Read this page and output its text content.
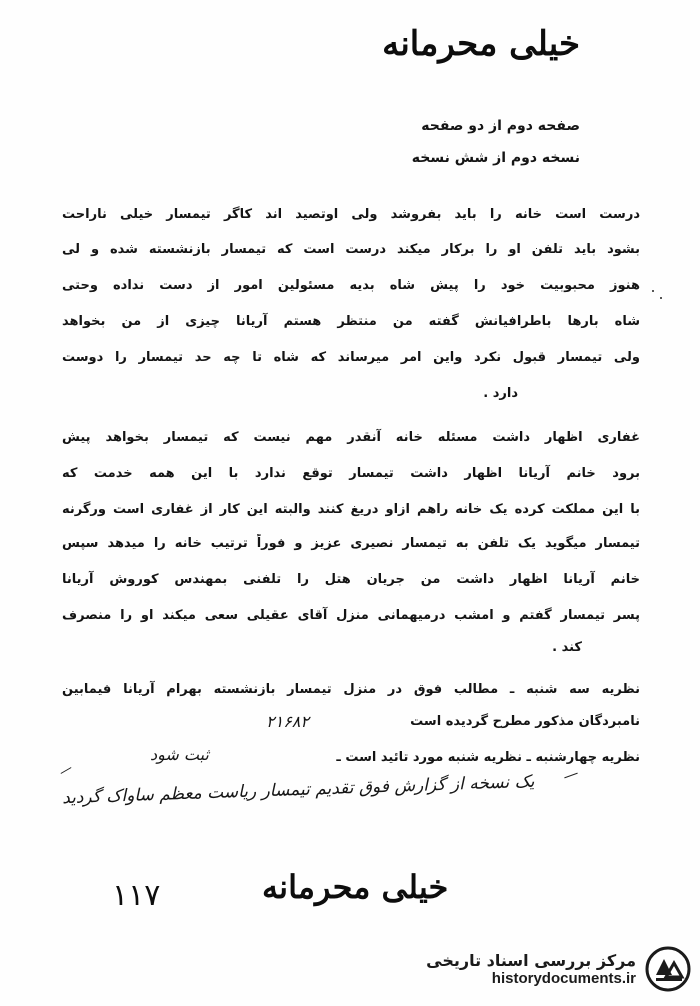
خیلی محرمانه
صفحه دوم از دو صفحه
نسخه دوم از شش نسخه
درست است خانه را باید بفروشد ولی اوتصید اند کاگر تیمسار خیلی ناراحت
بشود باید تلفن او را برکار میکند درست است که تیمسار بازنشسته شده و لی
هنوز محبوبیت خود را پیش شاه بدیه مسئولین امور از دست نداده وحتی
شاه بارها باطرافیانش گفته من منتظر هستم آریانا چیزی از من بخواهد
ولی تیمسار قبول نکرد واین امر میرساند که شاه تا چه حد تیمسار را دوست
دارد .
غفاری اظهار داشت مسئله خانه آنقدر مهم نیست که تیمسار بخواهد پیش
برود خانم آریانا اظهار داشت تیمسار توقع ندارد با این همه خدمت که
با این مملکت کرده یک خانه راهم ازاو دریغ کنند والبته این کار از غفاری است ورگرنه
تیمسار میگوید یک تلفن به تیمسار نصیری عزیز و فوراً ترتیب خانه را میدهد سپس
خانم آریانا اظهار داشت من جریان هتل را تلفنی بمهندس کوروش آریانا
پسر تیمسار گفتم و امشب درمیهمانی منزل آقای عقیلی سعی میکند او را منصرف
کند .
نظریه سه شنبه ـ مطالب فوق در منزل تیمسار بازنشسته بهرام آریانا فیمابین
نامبردگان مذکور مطرح گردیده است
۲۱۶۸۲
نظریه چهارشنبه ـ نظریه شنبه مورد تائید است ـ
ثبت شود
یک نسخه از گزارش فوق تقدیم تیمسار ریاست معظم ساواک گردید
۱۱۷	خیلی محرمانه
مرکز بررسی اسناد تاریخی
historydocuments.ir
